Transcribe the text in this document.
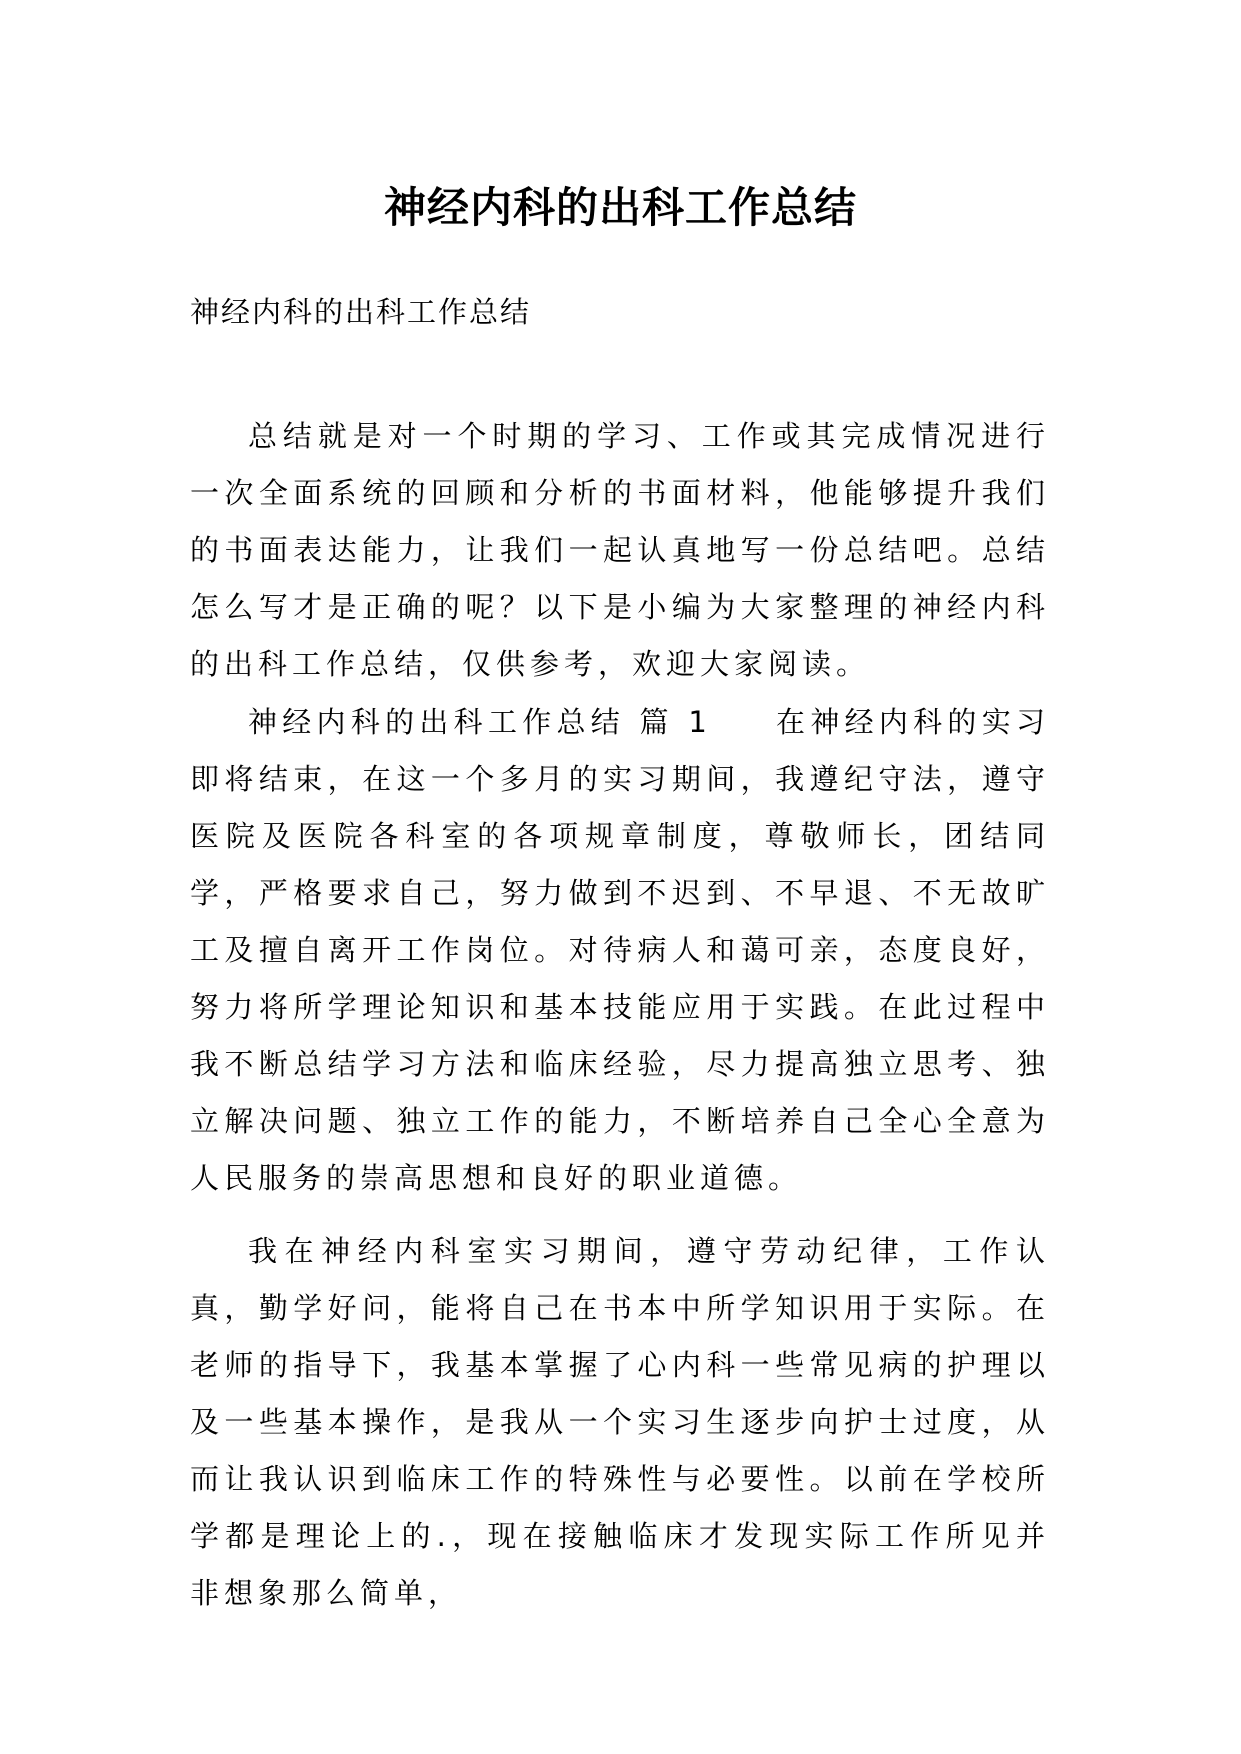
神经内科的出科工作总结
神经内科的出科工作总结

总结就是对一个时期的学习、工作或其完成情况进行一次全面系统的回顾和分析的书面材料，他能够提升我们的书面表达能力，让我们一起认真地写一份总结吧。总结怎么写才是正确的呢？以下是小编为大家整理的神经内科的出科工作总结，仅供参考，欢迎大家阅读。

神经内科的出科工作总结 篇 1 在神经内科的实习即将结束，在这一个多月的实习期间，我遵纪守法，遵守医院及医院各科室的各项规章制度，尊敬师长，团结同学，严格要求自己，努力做到不迟到、不早退、不无故旷工及擅自离开工作岗位。对待病人和蔼可亲，态度良好，努力将所学理论知识和基本技能应用于实践。在此过程中我不断总结学习方法和临床经验，尽力提高独立思考、独立解决问题、独立工作的能力，不断培养自己全心全意为人民服务的崇高思想和良好的职业道德。

我在神经内科室实习期间，遵守劳动纪律，工作认真，勤学好问，能将自己在书本中所学知识用于实际。在老师的指导下，我基本掌握了心内科一些常见病的护理以及一些基本操作，是我从一个实习生逐步向护士过度，从而让我认识到临床工作的特殊性与必要性。以前在学校所学都是理论上的.，现在接触临床才发现实际工作所见并非想象那么简单，
